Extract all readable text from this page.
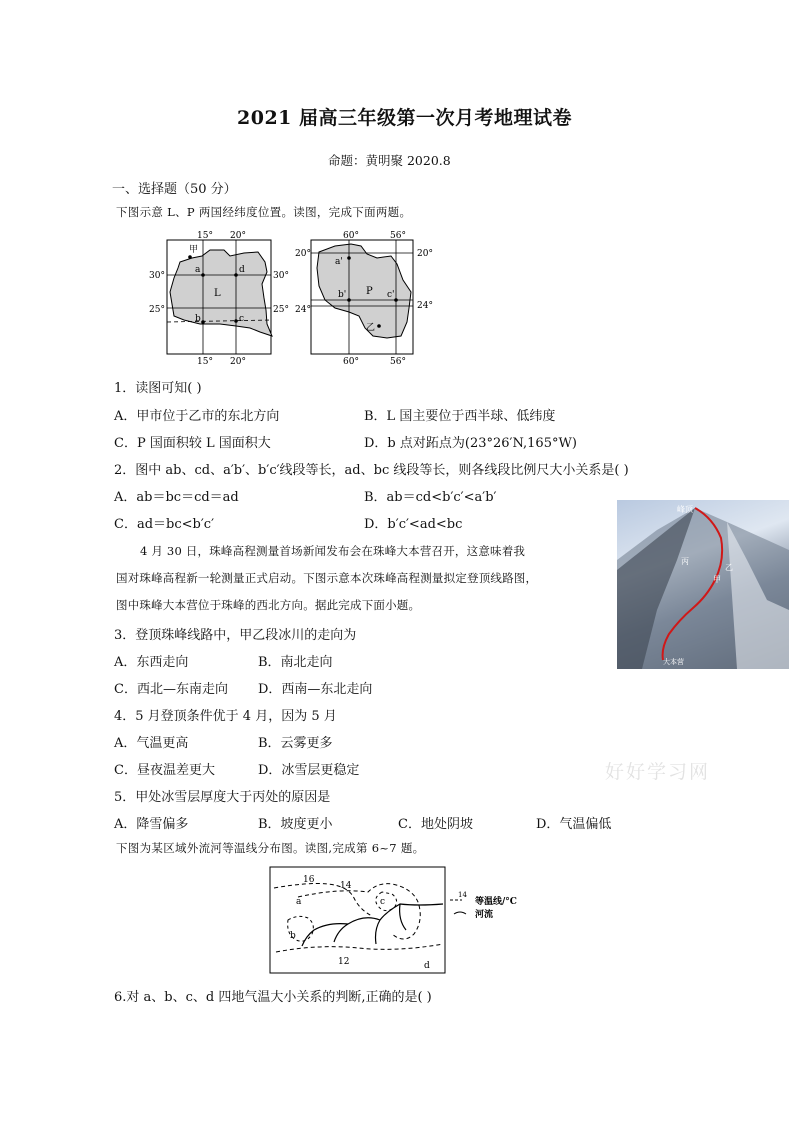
2021 届高三年级第一次月考地理试卷
命题：黄明聚 2020.8
一、选择题（50 分）
下图示意 L、P 两国经纬度位置。读图，完成下面两题。
15° 20°
15° 20°
30°
25°
30°
25°
甲
a	d
b	c
L
60°	56°
60°	56°
20°
24°
20°
24°
a'
b'	c'
乙
P
1．读图可知( )
A．甲市位于乙市的东北方向	B．L 国主要位于西半球、低纬度
C．P 国面积较 L 国面积大	D．b 点对跖点为(23°26′N,165°W)
2．图中 ab、cd、a′b′、b′c′线段等长，ad、bc 线段等长，则各线段比例尺大小关系是( )
A．ab＝bc＝cd＝ad	B．ab＝cd<b′c′<a′b′
C．ad＝bc<b′c′	D．b′c′<ad<bc
峰顶
乙
甲
丙
大本营
4 月 30 日，珠峰高程测量首场新闻发布会在珠峰大本营召开，这意味着我
国对珠峰高程新一轮测量正式启动。下图示意本次珠峰高程测量拟定登顶线路图，
图中珠峰大本营位于珠峰的西北方向。据此完成下面小题。
3．登顶珠峰线路中，甲乙段冰川的走向为
A．东西走向	B．南北走向
C．西北—东南走向 D．西南—东北走向
4．5 月登顶条件优于 4 月，因为 5 月
A．气温更高	B．云雾更多
C．昼夜温差更大	D．冰雪层更稳定	好好学习网
5．甲处冰雪层厚度大于丙处的原因是
A．降雪偏多	B．坡度更小	C．地处阴坡	D．气温偏低
下图为某区域外流河等温线分布图。读图,完成第 6~7 题。
16
14
12
a
b
c
d
14
等温线/°C
河流
6.对 a、b、c、d 四地气温大小关系的判断,正确的是( )
